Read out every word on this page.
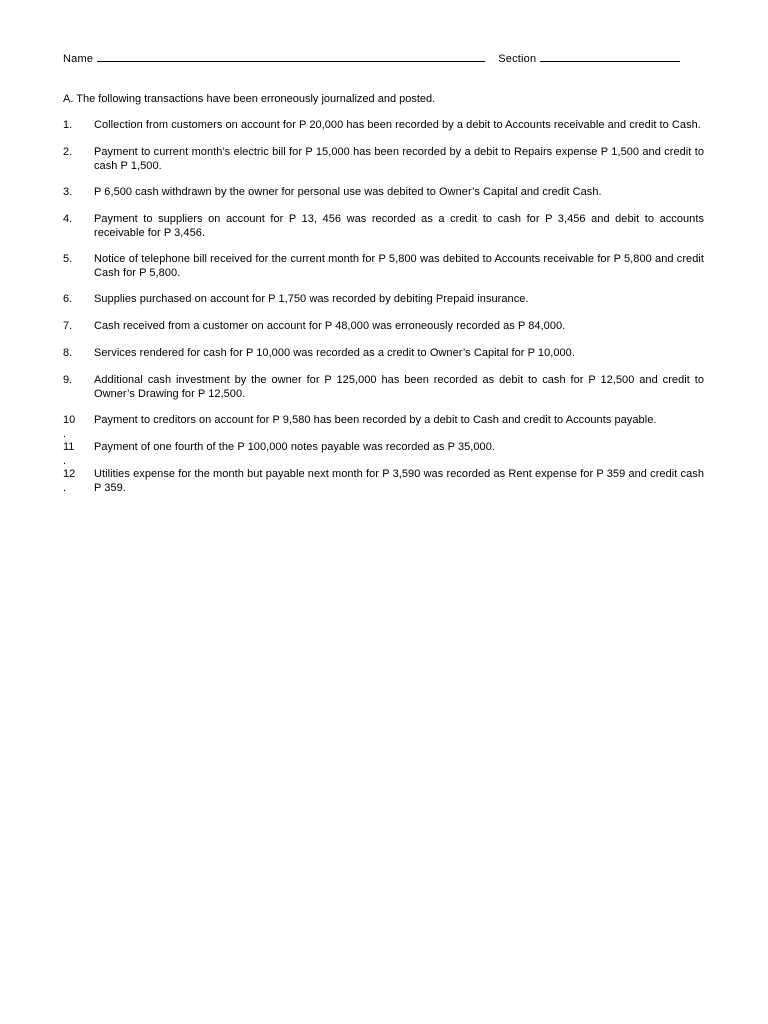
Name	Section
A. The following transactions have been erroneously journalized and posted.
1.	Collection from customers on account for P 20,000 has been recorded by a debit to Accounts receivable and credit to Cash.
2.	Payment to current month’s electric bill for P 15,000 has been recorded by a debit to Repairs expense P 1,500 and credit to cash P 1,500.
3.	P 6,500 cash withdrawn by the owner for personal use was debited to Owner’s Capital and credit Cash.
4.	Payment to suppliers on account for P 13, 456 was recorded as a credit to cash for P 3,456 and debit to accounts receivable for P 3,456.
5.	Notice of telephone bill received for the current month for P 5,800 was debited to Accounts receivable for P 5,800 and credit Cash for P 5,800.
6.	Supplies purchased on account for P 1,750 was recorded by debiting Prepaid insurance.
7.	Cash received from a customer on account for P 48,000 was erroneously recorded as P 84,000.
8.	Services rendered for cash for P 10,000 was recorded as a credit to Owner’s Capital for P 10,000.
9.	Additional cash investment by the owner for P 125,000 has been recorded as debit to cash for P 12,500 and credit to Owner’s Drawing for P 12,500.
10
.
Payment to creditors on account for P 9,580 has been recorded by a debit to Cash and credit to Accounts payable.
11
.
Payment of one fourth of the P 100,000 notes payable was recorded as P 35,000.
12
.
Utilities expense for the month but payable next month for P 3,590 was recorded as Rent expense for P 359 and credit cash P 359.
